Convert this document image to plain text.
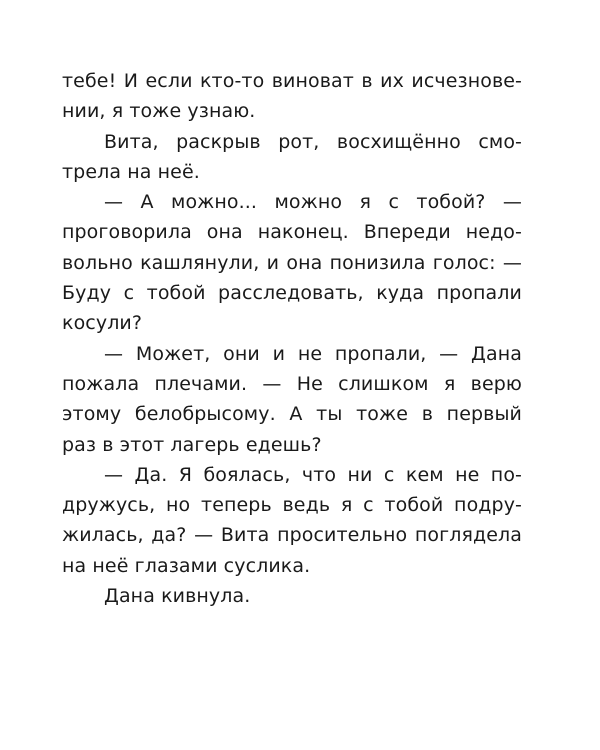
тебе! И если кто-то виноват в их исчезнове-
нии, я тоже узнаю.
Вита, раскрыв рот, восхищённо смо-
трела на неё.
— А можно... можно я с тобой? —
проговорила она наконец. Впереди недо-
вольно кашлянули, и она понизила голос: —
Буду с тобой расследовать, куда пропали
косули?
— Может, они и не пропали, — Дана
пожала плечами. — Не слишком я верю
этому белобрысому. А ты тоже в первый
раз в этот лагерь едешь?
— Да. Я боялась, что ни с кем не по-
дружусь, но теперь ведь я с тобой подру-
жилась, да? — Вита просительно поглядела
на неё глазами суслика.
Дана кивнула.
